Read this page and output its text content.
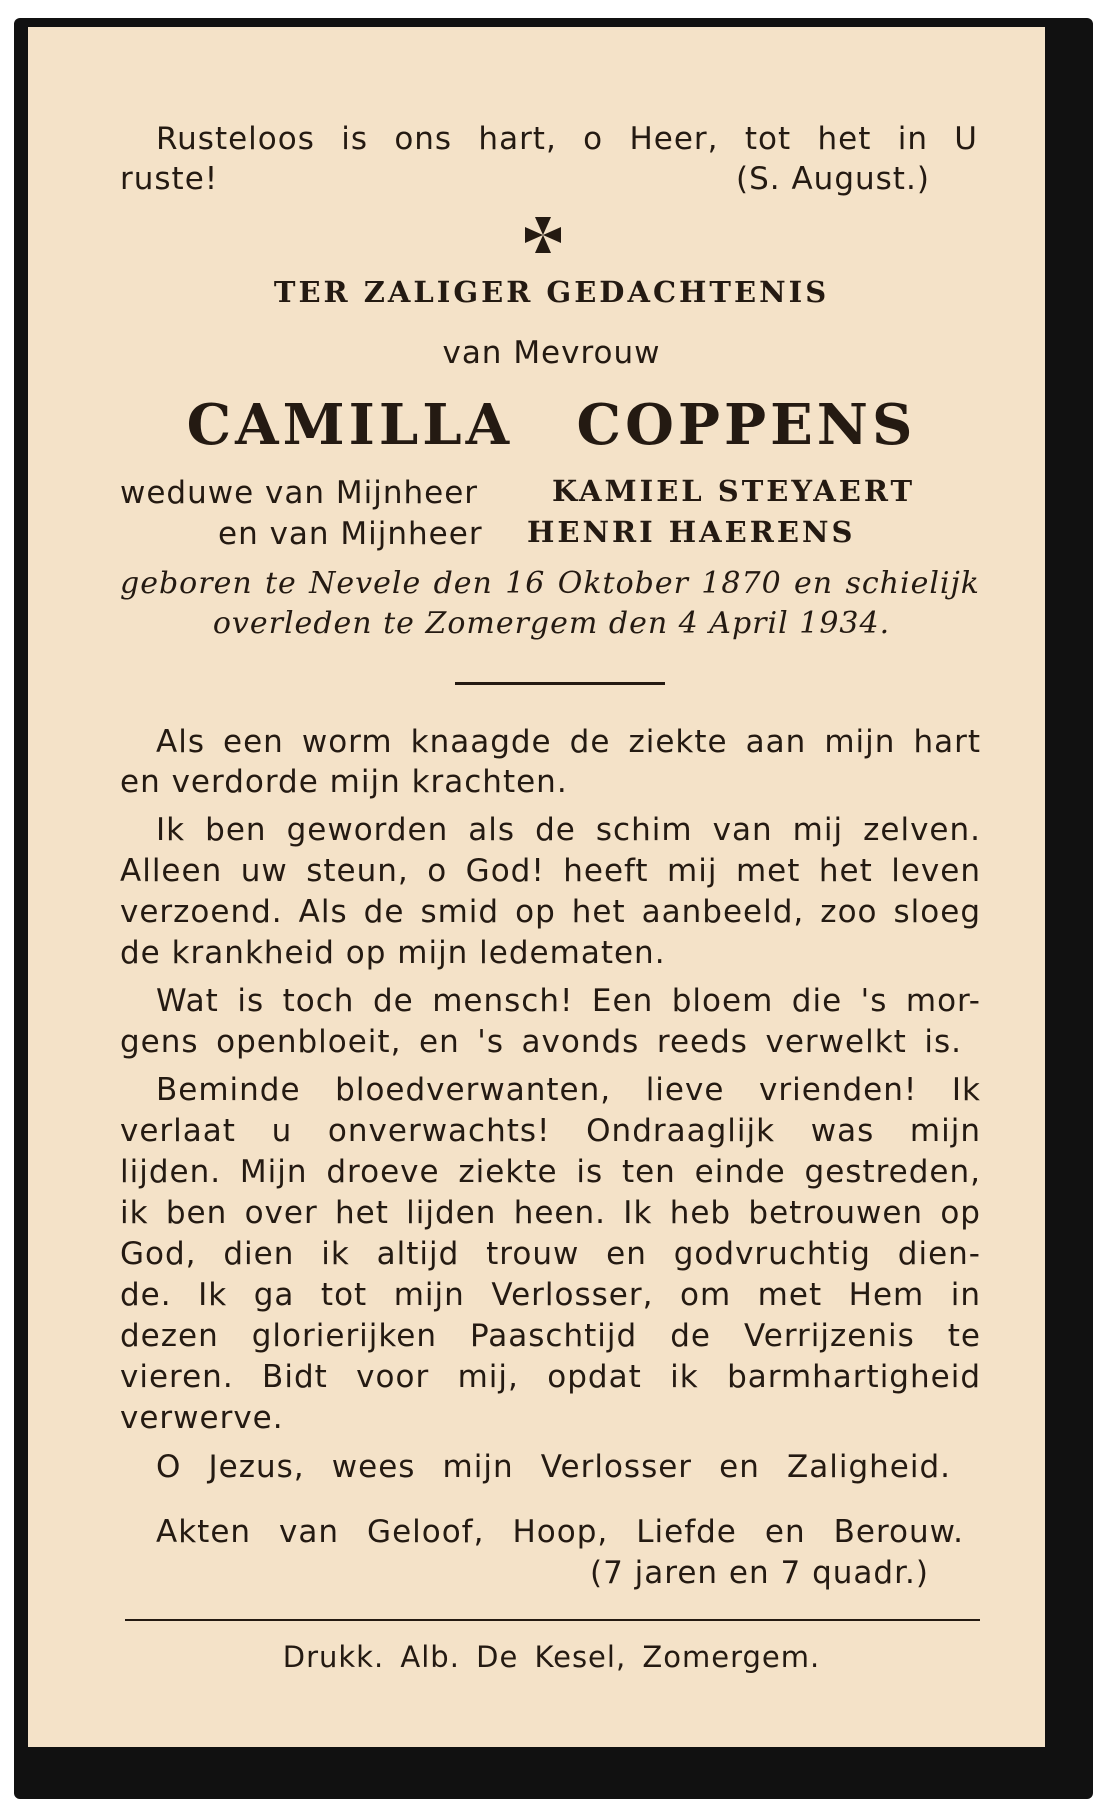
Rusteloos is ons hart, o Heer, tot het in U

ruste!	(S. August.)

TER ZALIGER GEDACHTENIS

van Mevrouw

CAMILLA COPPENS

weduwe van Mijnheer	KAMIEL STEYAERT

en van Mijnheer HENRI HAERENS

geboren te Nevele den 16 Oktober 1870 en schielijk

overleden te Zomergem den 4 April 1934.

Als een worm knaagde de ziekte aan mijn hart

en verdorde mijn krachten.

Ik ben geworden als de schim van mij zelven.

Alleen uw steun, o God! heeft mij met het leven

verzoend. Als de smid op het aanbeeld, zoo sloeg

de krankheid op mijn ledematen.

Wat is toch de mensch! Een bloem die 's mor-

gens openbloeit, en 's avonds reeds verwelkt is.

Beminde bloedverwanten, lieve vrienden! Ik

verlaat u onverwachts! Ondraaglijk was mijn

lijden. Mijn droeve ziekte is ten einde gestreden,

ik ben over het lijden heen. Ik heb betrouwen op

God, dien ik altijd trouw en godvruchtig dien-

de. Ik ga tot mijn Verlosser, om met Hem in

dezen glorierijken Paaschtijd de Verrijzenis te

vieren. Bidt voor mij, opdat ik barmhartigheid

verwerve.

O Jezus, wees mijn Verlosser en Zaligheid.

Akten van Geloof, Hoop, Liefde en Berouw.

(7 jaren en 7 quadr.)

Drukk. Alb. De Kesel, Zomergem.
